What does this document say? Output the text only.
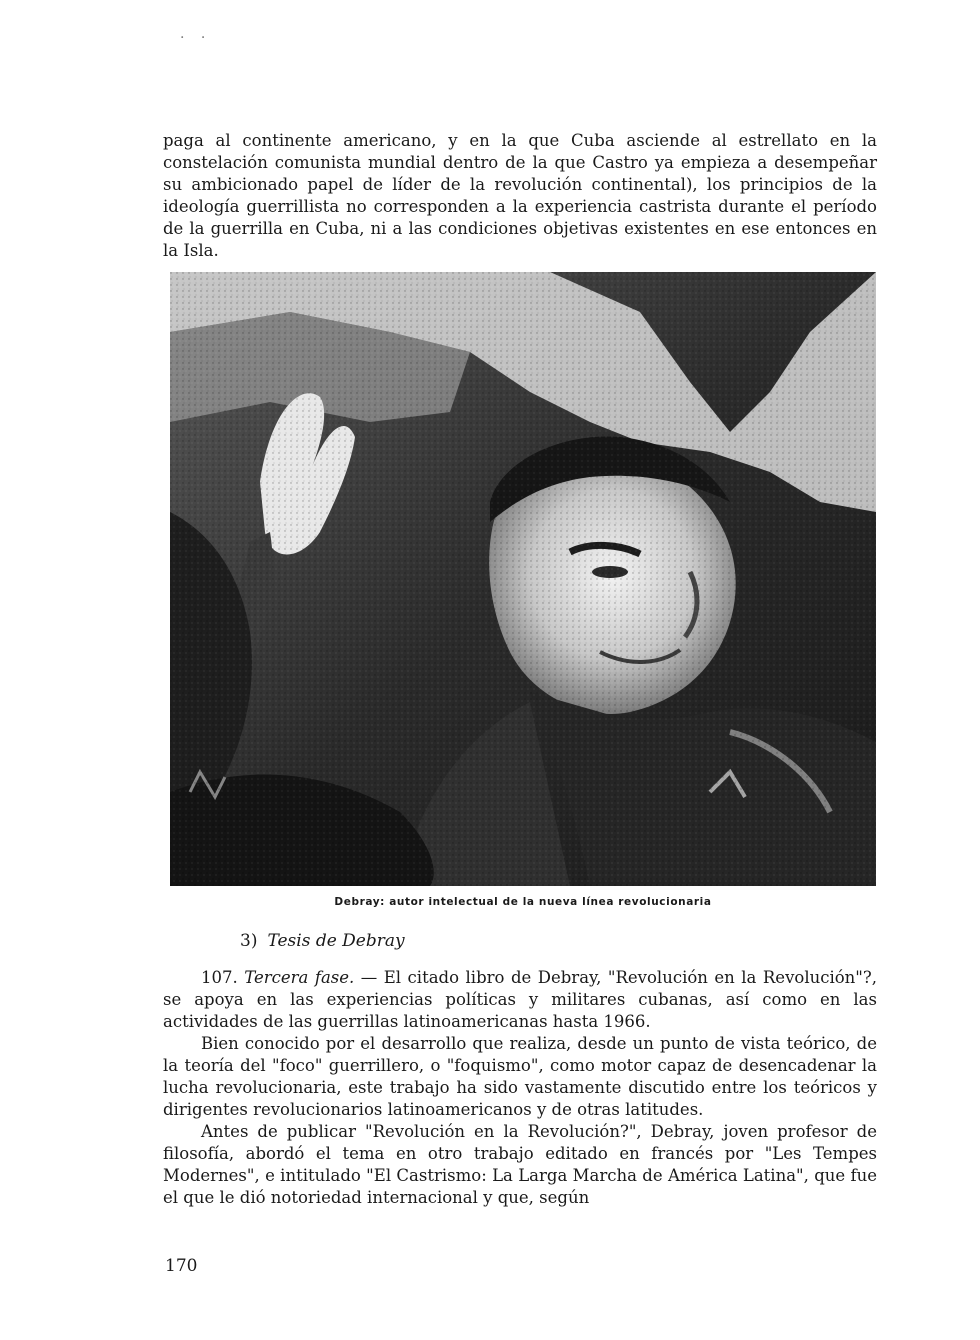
· ·

paga al continente americano, y en la que Cuba asciende al estrellato en la constelación comunista mundial dentro de la que Castro ya empieza a desempeñar su ambicionado papel de líder de la revolución continental), los principios de la ideología guerrillista no corresponden a la experiencia castrista durante el período de la guerrilla en Cuba, ni a las condiciones objetivas existentes en ese entonces en la Isla.

Debray: autor intelectual de la nueva línea revolucionaria
3) Tesis de Debray

107. Tercera fase. — El citado libro de Debray, "Revolución en la Revolución"?, se apoya en las experiencias políticas y militares cubanas, así como en las actividades de las guerrillas latinoamericanas hasta 1966.

Bien conocido por el desarrollo que realiza, desde un punto de vista teórico, de la teoría del "foco" guerrillero, o "foquismo", como motor capaz de desencadenar la lucha revolucionaria, este trabajo ha sido vastamente discutido entre los teóricos y dirigentes revolucionarios latinoamericanos y de otras latitudes.

Antes de publicar "Revolución en la Revolución?", Debray, joven profesor de filosofía, abordó el tema en otro trabajo editado en francés por "Les Tempes Modernes", e intitulado "El Castrismo: La Larga Marcha de América Latina", que fue el que le dió notoriedad internacional y que, según

170
